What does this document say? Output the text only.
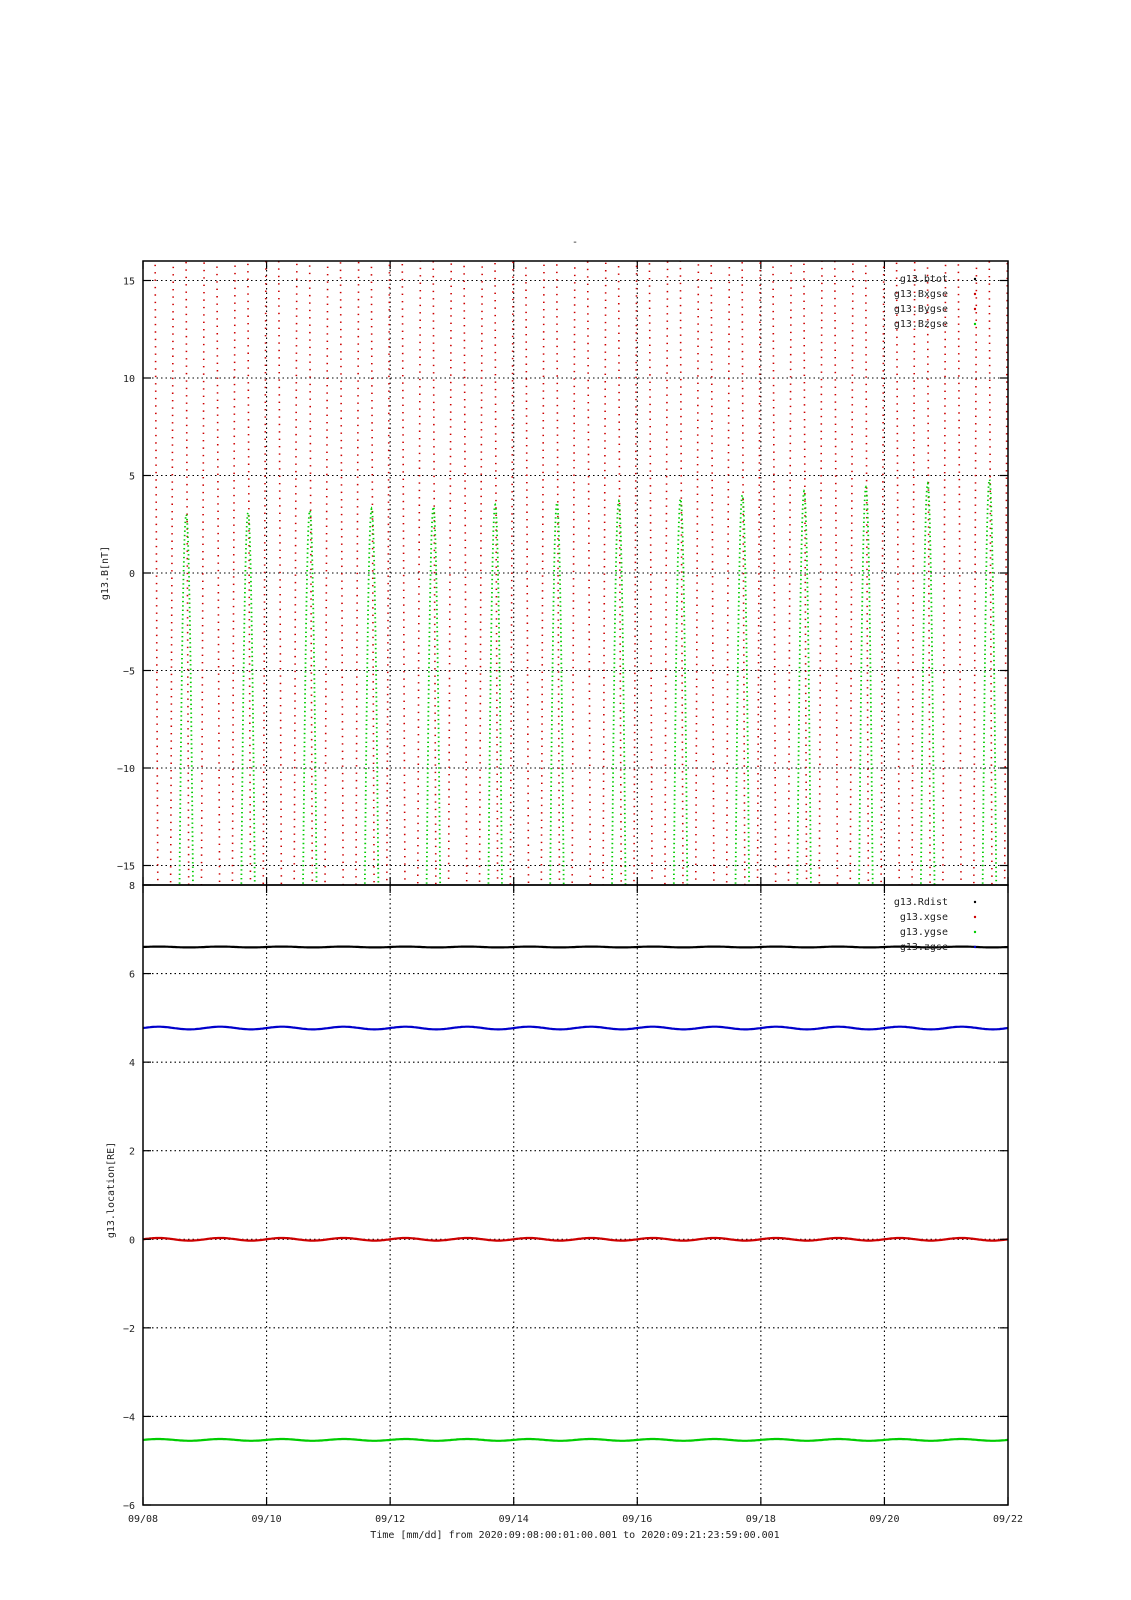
-
−15
−10
−5
0
5
10
15
g13.B[nT]
g13.btot
g13.Bxgse
g13.Bygse
g13.Bzgse
−6
−4
−2
0
2
4
6
8
g13.location[RE]
g13.Rdist
g13.xgse
g13.ygse
g13.zgse
09/08	09/10	09/12	09/14	09/16	09/18	09/20	09/22
Time [mm/dd] from 2020:09:08:00:01:00.001 to 2020:09:21:23:59:00.001
